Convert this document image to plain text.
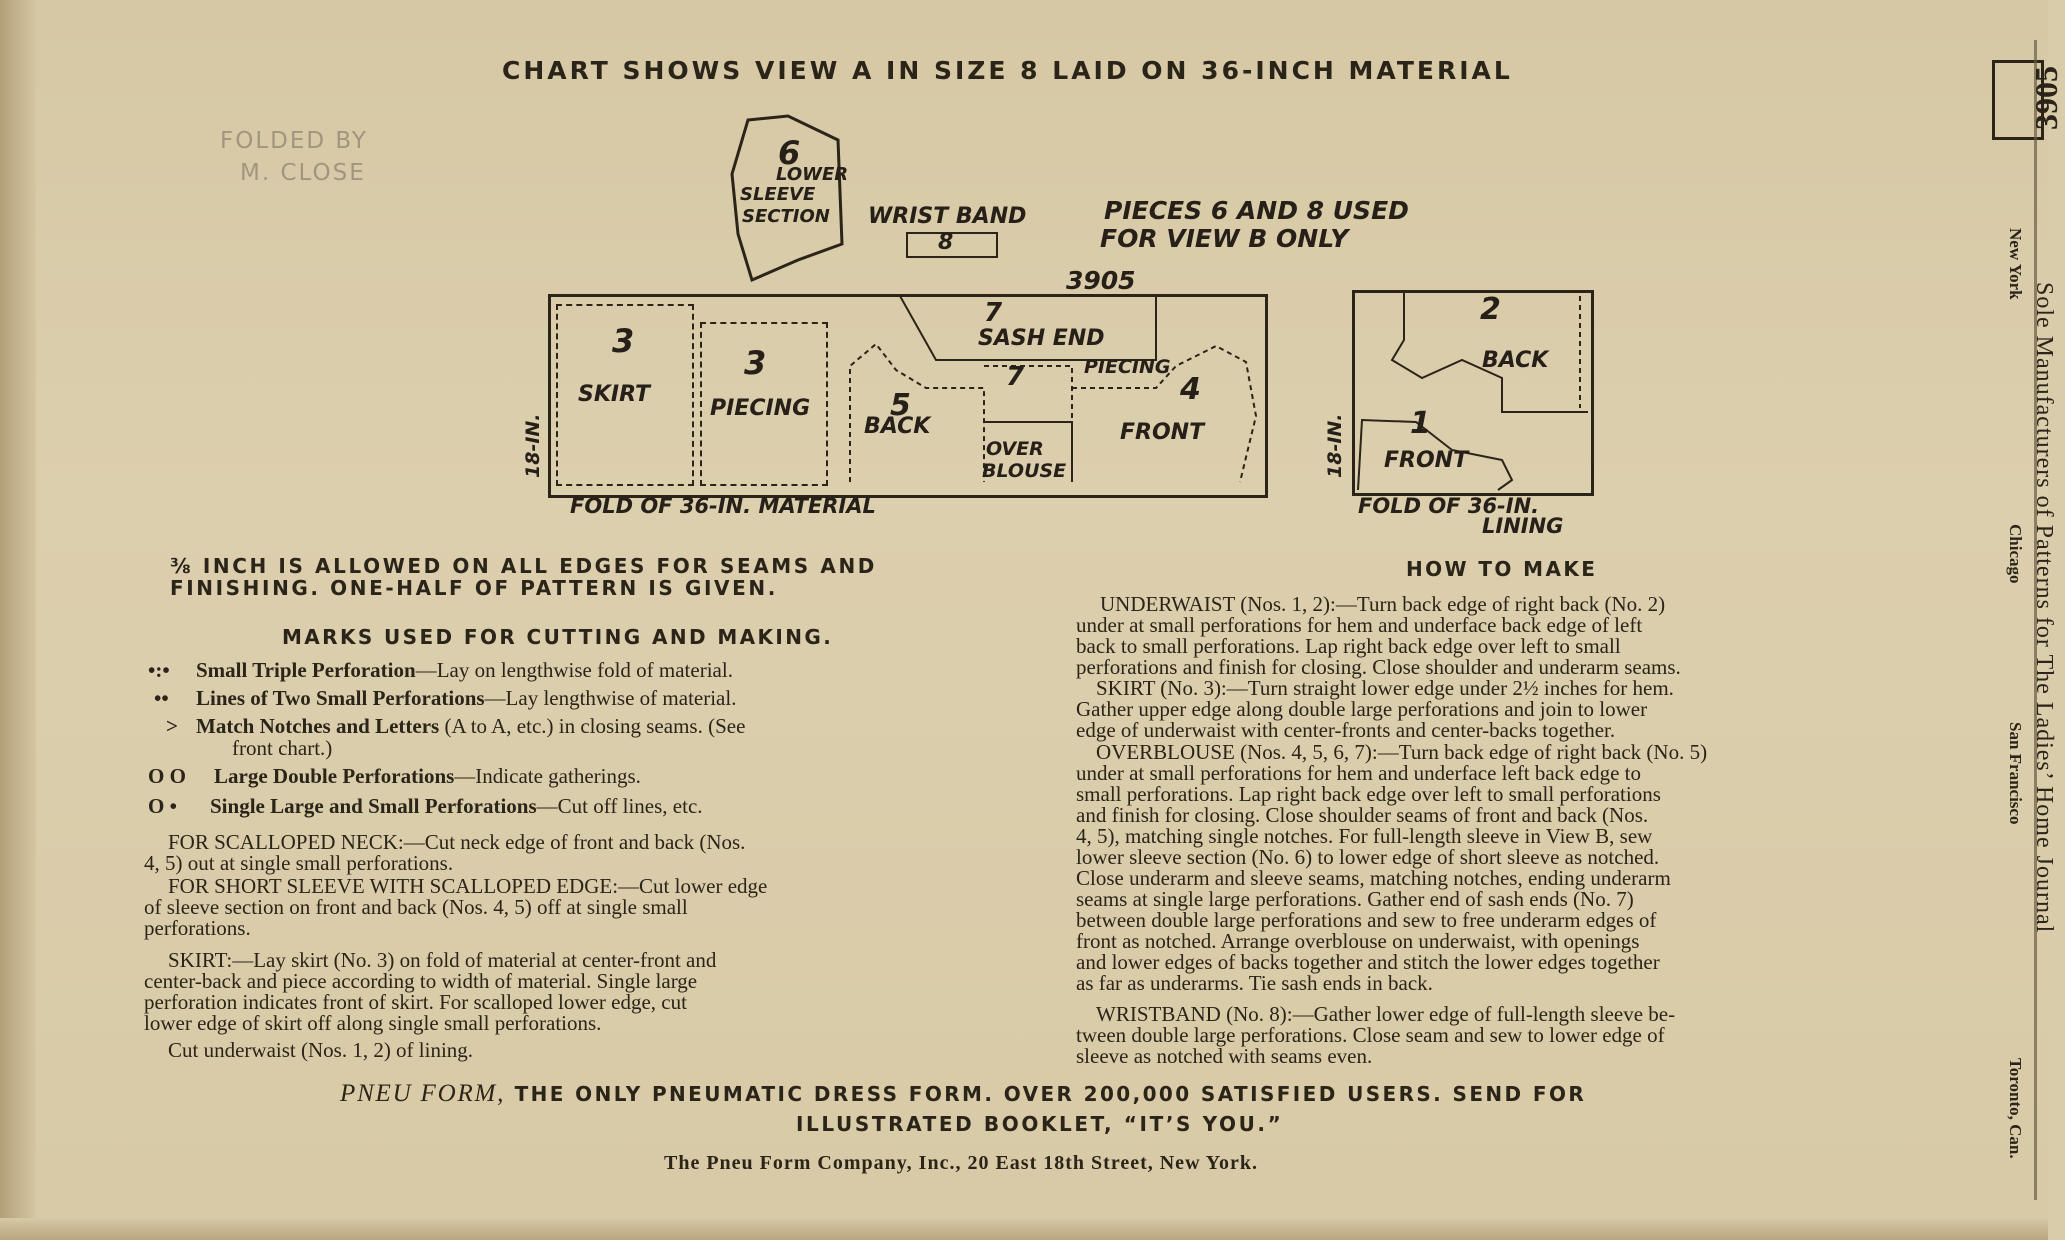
CHART SHOWS VIEW A IN SIZE 8 LAID ON 36-INCH MATERIAL

FOLDED BY

M. CLOSE

6

LOWER

SLEEVE

SECTION WRIST BAND

8

PIECES 6 AND 8 USED

FOR VIEW B ONLY

3905

3

SKIRT

3

PIECING

7

SASH END

5

BACK

7	PIECING

4

FRONT

OVER

BLOUSE

18-IN.

FOLD OF 36-IN. MATERIAL

2

BACK

1

FRONT

18-IN.

FOLD OF 36-IN.

LINING

⅜ INCH IS ALLOWED ON ALL EDGES FOR SEAMS AND

FINISHING. ONE-HALF OF PATTERN IS GIVEN.

MARKS USED FOR CUTTING AND MAKING.

•:• Small Triple Perforation—Lay on lengthwise fold of material.

•• Lines of Two Small Perforations—Lay lengthwise of material.

> Match Notches and Letters (A to A, etc.) in closing seams. (See

front chart.)

O O Large Double Perforations—Indicate gatherings.

O • Single Large and Small Perforations—Cut off lines, etc.

FOR SCALLOPED NECK:—Cut neck edge of front and back (Nos.

4, 5) out at single small perforations.

FOR SHORT SLEEVE WITH SCALLOPED EDGE:—Cut lower edge

of sleeve section on front and back (Nos. 4, 5) off at single small

perforations.

SKIRT:—Lay skirt (No. 3) on fold of material at center-front and

center-back and piece according to width of material. Single large

perforation indicates front of skirt. For scalloped lower edge, cut

lower edge of skirt off along single small perforations.

Cut underwaist (Nos. 1, 2) of lining.

HOW TO MAKE

UNDERWAIST (Nos. 1, 2):—Turn back edge of right back (No. 2)

under at small perforations for hem and underface back edge of left

back to small perforations. Lap right back edge over left to small

perforations and finish for closing. Close shoulder and underarm seams.

SKIRT (No. 3):—Turn straight lower edge under 2½ inches for hem.

Gather upper edge along double large perforations and join to lower

edge of underwaist with center-fronts and center-backs together.

OVERBLOUSE (Nos. 4, 5, 6, 7):—Turn back edge of right back (No. 5)

under at small perforations for hem and underface left back edge to

small perforations. Lap right back edge over left to small perforations

and finish for closing. Close shoulder seams of front and back (Nos.

4, 5), matching single notches. For full-length sleeve in View B, sew

lower sleeve section (No. 6) to lower edge of short sleeve as notched.

Close underarm and sleeve seams, matching notches, ending underarm

seams at single large perforations. Gather end of sash ends (No. 7)

between double large perforations and sew to free underarm edges of

front as notched. Arrange overblouse on underwaist, with openings

and lower edges of backs together and stitch the lower edges together

as far as underarms. Tie sash ends in back.

WRISTBAND (No. 8):—Gather lower edge of full-length sleeve be-

tween double large perforations. Close seam and sew to lower edge of

sleeve as notched with seams even.

PNEU FORM, THE ONLY PNEUMATIC DRESS FORM. OVER 200,000 SATISFIED USERS. SEND FOR

ILLUSTRATED BOOKLET, “IT’S YOU.”

The Pneu Form Company, Inc., 20 East 18th Street, New York.

3905

Sole Manufacturers of Patterns for The Ladies’ Home Journal

New York

Chicago

San Francisco

Toronto, Can.
